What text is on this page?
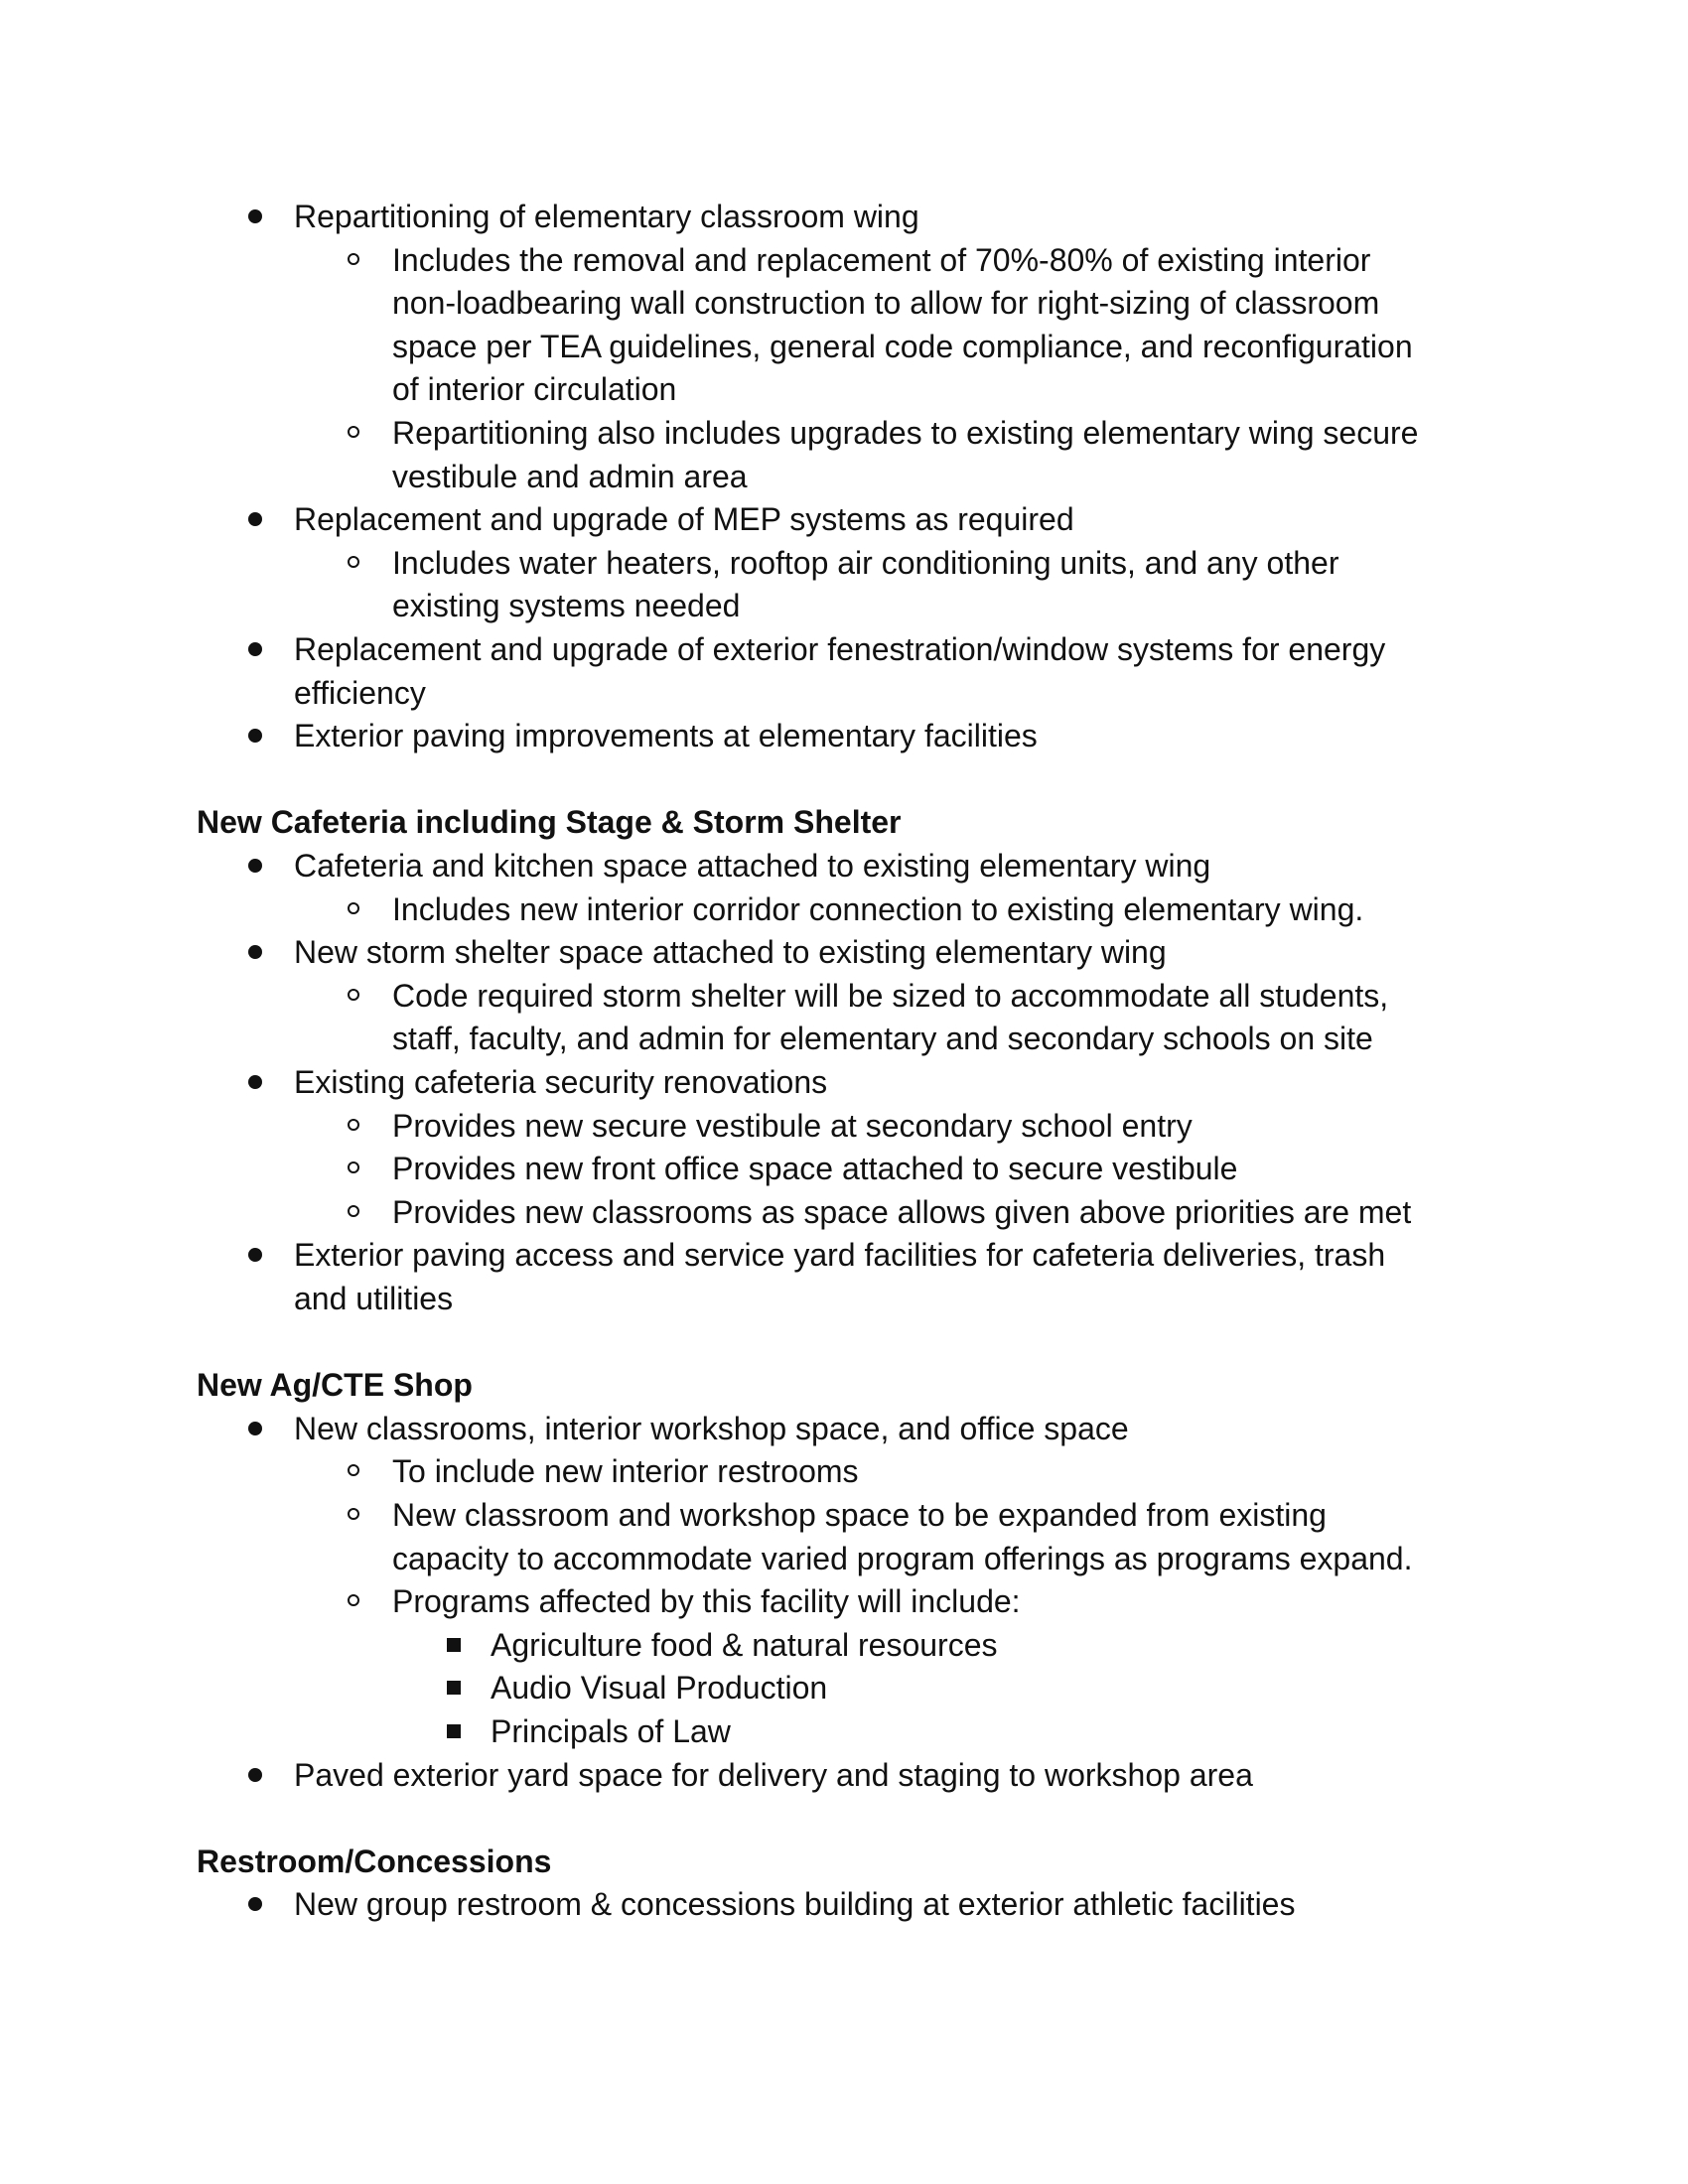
Repartitioning of elementary classroom wing
Includes the removal and replacement of 70%-80% of existing interior
non-loadbearing wall construction to allow for right-sizing of classroom
space per TEA guidelines, general code compliance, and reconfiguration
of interior circulation
Repartitioning also includes upgrades to existing elementary wing secure
vestibule and admin area
Replacement and upgrade of MEP systems as required
Includes water heaters, rooftop air conditioning units, and any other
existing systems needed
Replacement and upgrade of exterior fenestration/window systems for energy
efficiency
Exterior paving improvements at elementary facilities
New Cafeteria including Stage & Storm Shelter
Cafeteria and kitchen space attached to existing elementary wing
Includes new interior corridor connection to existing elementary wing.
New storm shelter space attached to existing elementary wing
Code required storm shelter will be sized to accommodate all students,
staff, faculty, and admin for elementary and secondary schools on site
Existing cafeteria security renovations
Provides new secure vestibule at secondary school entry
Provides new front office space attached to secure vestibule
Provides new classrooms as space allows given above priorities are met
Exterior paving access and service yard facilities for cafeteria deliveries, trash
and utilities
New Ag/CTE Shop
New classrooms, interior workshop space, and office space
To include new interior restrooms
New classroom and workshop space to be expanded from existing
capacity to accommodate varied program offerings as programs expand.
Programs affected by this facility will include:
Agriculture food & natural resources
Audio Visual Production
Principals of Law
Paved exterior yard space for delivery and staging to workshop area
Restroom/Concessions
New group restroom & concessions building at exterior athletic facilities
